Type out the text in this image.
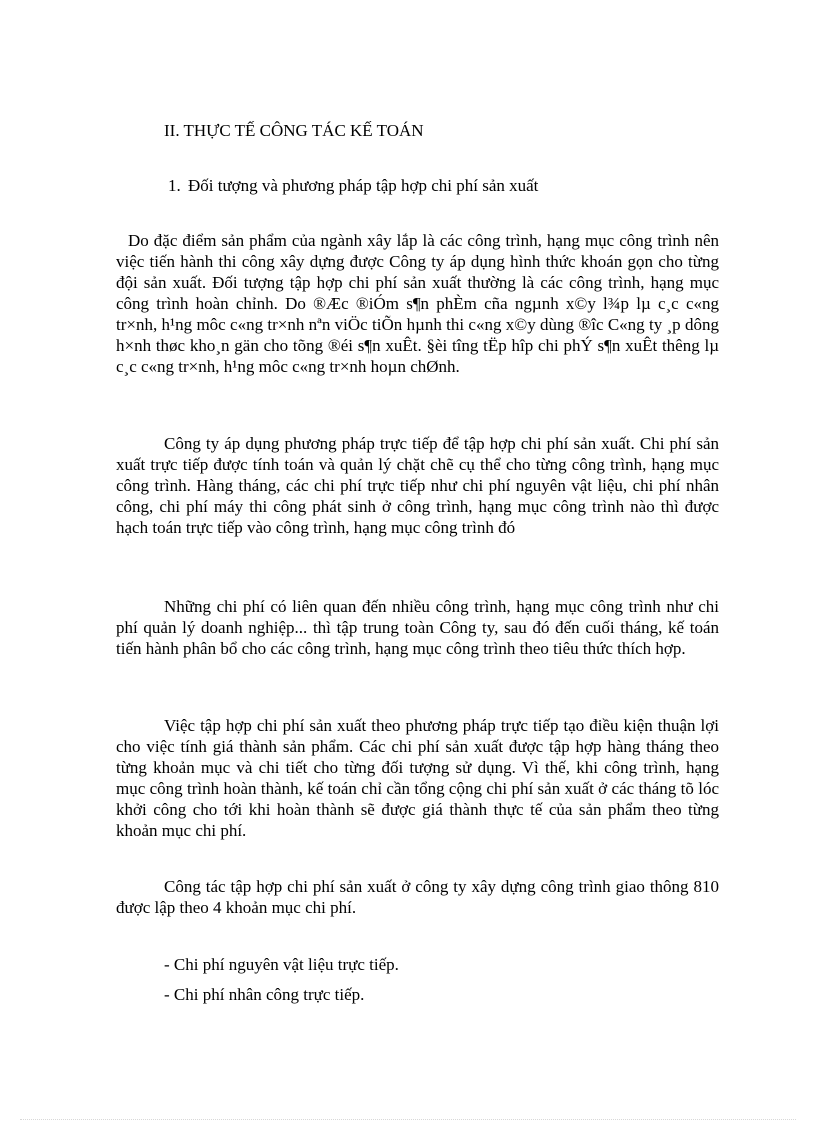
II. THỰC TẾ CÔNG TÁC KẾ TOÁN
1. Đối tượng và phương pháp tập hợp chi phí sản xuất

Do đặc điểm sản phẩm của ngành xây lắp là các công trình, hạng mục công trình nên việc tiến hành thi công xây dựng được Công ty áp dụng hình thức khoán gọn cho từng đội sản xuất. Đối tượng tập hợp chi phí sản xuất thường là các công trình, hạng mục công trình hoàn chỉnh. Do ®Æc ®iÓm s¶n phÈm cña ngµnh x©y l¾p lµ c¸c c«ng tr×nh, h¹ng môc c«ng tr×nh nªn viÖc tiÕn hµnh thi c«ng x©y dùng ®îc C«ng ty ¸p dông h×nh thøc kho¸n gän cho tõng ®éi s¶n xuÊt. §èi tîng tËp hîp chi phÝ s¶n xuÊt thêng lµ c¸c c«ng tr×nh, h¹ng môc c«ng tr×nh hoµn chØnh.

Công ty áp dụng phương pháp trực tiếp để tập hợp chi phí sản xuất. Chi phí sản xuất trực tiếp được tính toán và quản lý chặt chẽ cụ thể cho từng công trình, hạng mục công trình. Hàng tháng, các chi phí trực tiếp như chi phí nguyên vật liệu, chi phí nhân công, chi phí máy thi công phát sinh ở công trình, hạng mục công trình nào thì được hạch toán trực tiếp vào công trình, hạng mục công trình đó

Những chi phí có liên quan đến nhiều công trình, hạng mục công trình như chi phí quản lý doanh nghiệp... thì tập trung toàn Công ty, sau đó đến cuối tháng, kế toán tiến hành phân bổ cho các công trình, hạng mục công trình theo tiêu thức thích hợp.

Việc tập hợp chi phí sản xuất theo phương pháp trực tiếp tạo điều kiện thuận lợi cho việc tính giá thành sản phẩm. Các chi phí sản xuất được tập hợp hàng tháng theo từng khoản mục và chi tiết cho từng đối tượng sử dụng. Vì thế, khi công trình, hạng mục công trình hoàn thành, kế toán chỉ cần tổng cộng chi phí sản xuất ở các tháng tõ lóc khởi công cho tới khi hoàn thành sẽ được giá thành thực tế của sản phẩm theo từng khoản mục chi phí.

Công tác tập hợp chi phí sản xuất ở công ty xây dựng công trình giao thông 810 được lập theo 4 khoản mục chi phí.

- Chi phí nguyên vật liệu trực tiếp.
- Chi phí nhân công trực tiếp.
